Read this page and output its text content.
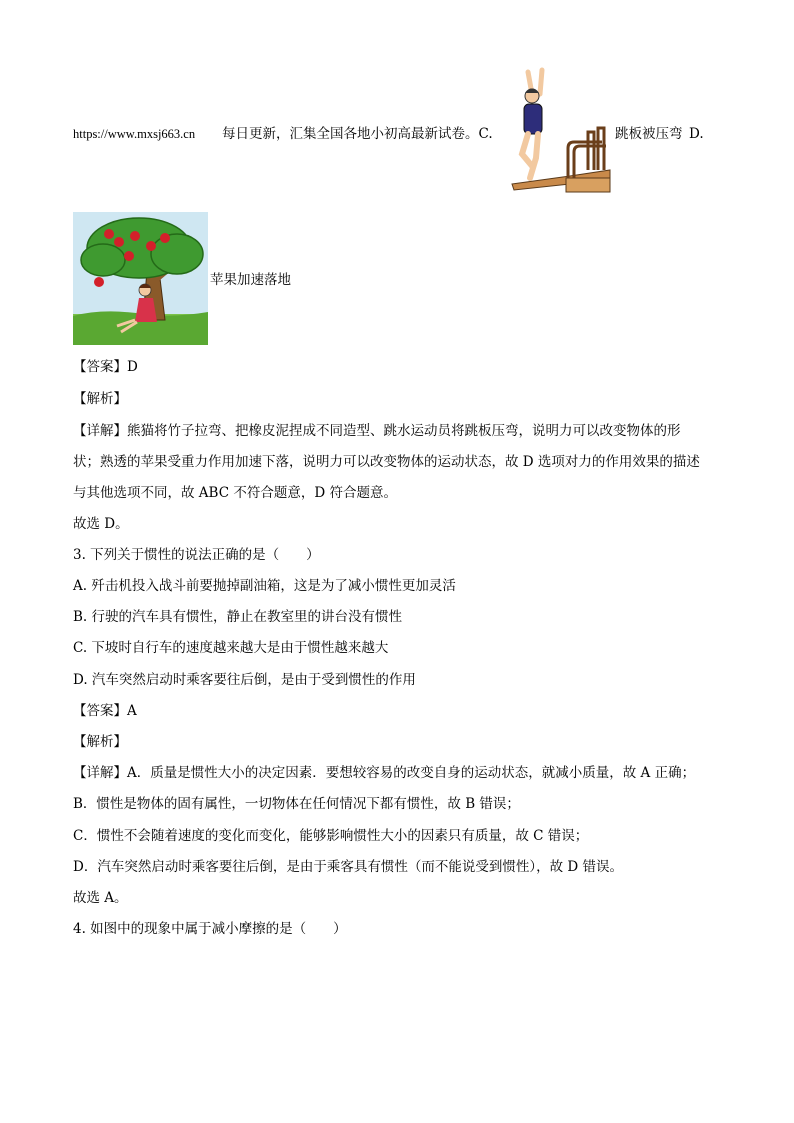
https://www.mxsj663.cn 每日更新，汇集全国各地小初高最新试卷。C.	跳板被压弯 D.
苹果加速落地
【答案】D
【解析】
【详解】熊猫将竹子拉弯、把橡皮泥捏成不同造型、跳水运动员将跳板压弯，说明力可以改变物体的形
状；熟透的苹果受重力作用加速下落，说明力可以改变物体的运动状态，故 D 选项对力的作用效果的描述
与其他选项不同，故 ABC 不符合题意，D 符合题意。
故选 D。
3. 下列关于惯性的说法正确的是（　　）
A. 歼击机投入战斗前要抛掉副油箱，这是为了减小惯性更加灵活
B. 行驶的汽车具有惯性，静止在教室里的讲台没有惯性
C. 下坡时自行车的速度越来越大是由于惯性越来越大
D. 汽车突然启动时乘客要往后倒，是由于受到惯性的作用
【答案】A
【解析】
【详解】A．质量是惯性大小的决定因素．要想较容易的改变自身的运动状态，就减小质量，故 A 正确；
B．惯性是物体的固有属性，一切物体在任何情况下都有惯性，故 B 错误；
C．惯性不会随着速度的变化而变化，能够影响惯性大小的因素只有质量，故 C 错误；
D．汽车突然启动时乘客要往后倒，是由于乘客具有惯性（而不能说受到惯性），故 D 错误。
故选 A。
4. 如图中的现象中属于减小摩擦的是（　　）
